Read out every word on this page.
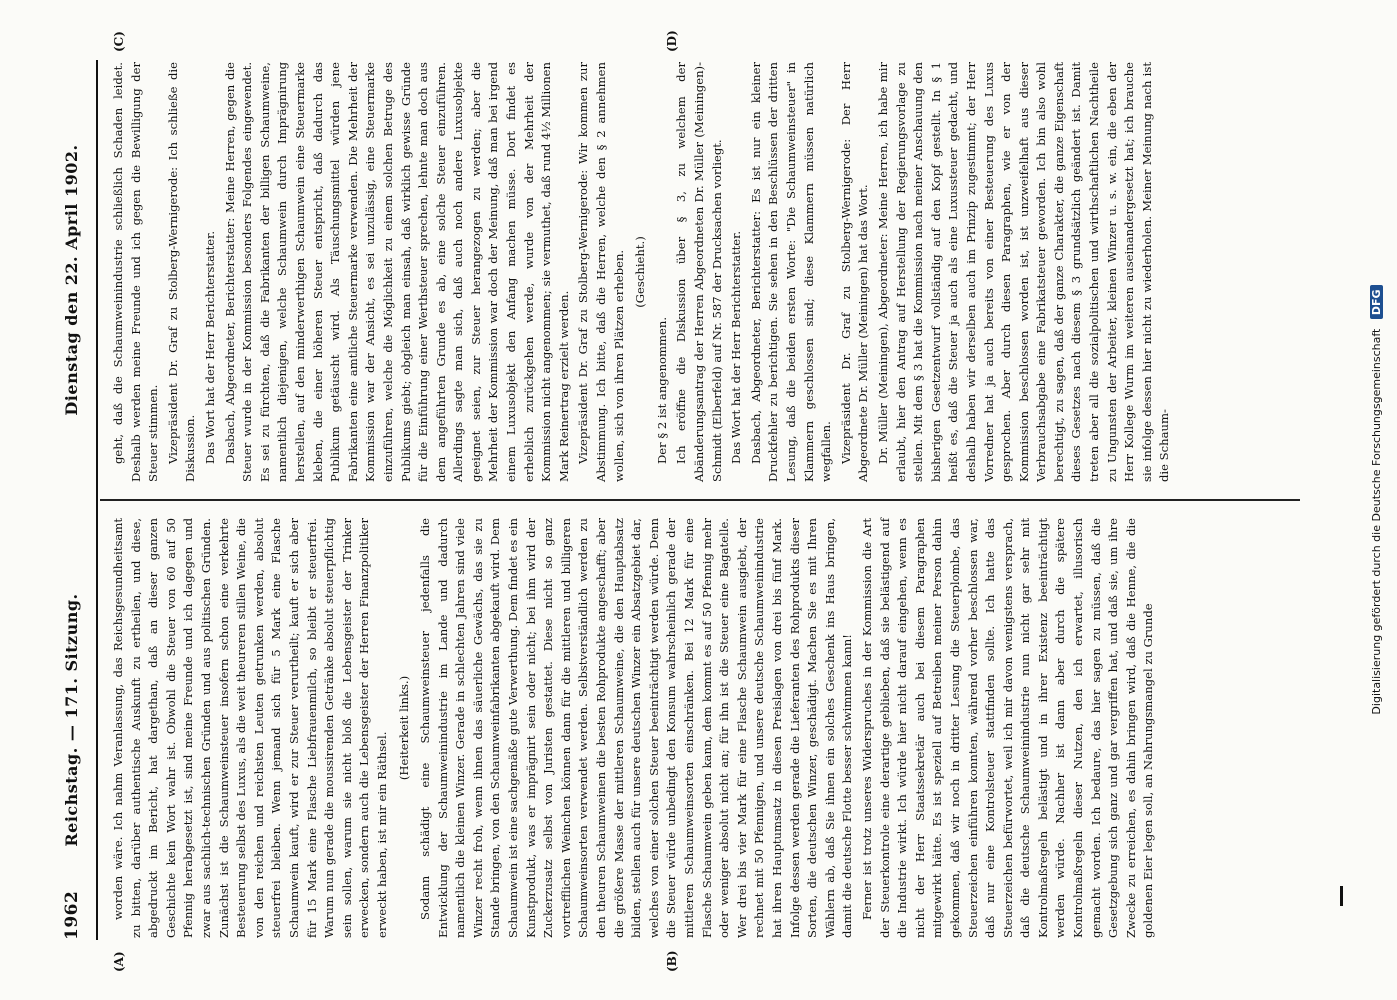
1962
Reichstag. — 171. Sitzung.
Dienstag den 22. April 1902.
(A)	(B)
(C)	(D)

worden wäre. Ich nahm Veranlassung, das Reichsgesundheitsamt zu bitten, darüber authentische Auskunft zu ertheilen, und diese, abgedruckt im Bericht, hat dargethan, daß an dieser ganzen Geschichte kein Wort wahr ist. Obwohl die Steuer von 60 auf 50 Pfennig herabgesetzt ist, sind meine Freunde und ich dagegen und zwar aus sachlich-technischen Gründen und aus politischen Gründen. Zunächst ist die Schaumweinsteuer insofern schon eine verkehrte Besteuerung selbst des Luxus, als die weit theureren stillen Weine, die von den reichen und reichsten Leuten getrunken werden, absolut steuerfrei bleiben. Wenn jemand sich für 5 Mark eine Flasche Schaumwein kauft, wird er zur Steuer verurtheilt; kauft er sich aber für 15 Mark eine Flasche Liebfrauenmilch, so bleibt er steuerfrei. Warum nun gerade die moussirenden Getränke absolut steuerpflichtig sein sollen, warum sie nicht bloß die Lebensgeister der Trinker erwecken, sondern auch die Lebensgeister der Herren Finanzpolitiker erweckt haben, ist mir ein Räthsel.

(Heiterkeit links.) Sodann schädigt eine Schaumweinsteuer jedenfalls die Entwicklung der Schaumweinindustrie im Lande und dadurch namentlich die kleinen Winzer. Gerade in schlechten Jahren sind viele Winzer recht froh, wenn ihnen das säuerliche Gewächs, das sie zu Stande bringen, von den Schaumweinfabrikanten abgekauft wird. Dem Schaumwein ist eine sachgemäße gute Verwerthung. Dem findet es ein Kunstprodukt, was er imprägnirt sein oder nicht; bei ihm wird der Zuckerzusatz selbst von Juristen gestattet. Diese nicht so ganz vortrefflichen Weinchen können dann für die mittleren und billigeren Schaumweinsorten verwendet werden. Selbstverständlich werden zu den theuren Schaumweinen die besten Rohprodukte angeschafft; aber die größere Masse der mittleren Schaumweine, die den Hauptabsatz bilden, stellen auch für unsere deutschen Winzer ein Absatzgebiet dar, welches von einer solchen Steuer beeinträchtigt werden würde. Denn die Steuer würde unbedingt den Konsum wahrscheinlich gerade der mittleren Schaumweinsorten einschränken. Bei 12 Mark für eine Flasche Schaumwein geben kann, dem kommt es auf 50 Pfennig mehr oder weniger absolut nicht an; für ihn ist die Steuer eine Bagatelle. Wer drei bis vier Mark für eine Flasche Schaumwein ausgiebt, der rechnet mit 50 Pfennigen, und unsere deutsche Schaumweinindustrie hat ihren Hauptumsatz in diesen Preislagen von drei bis fünf Mark. Infolge dessen werden gerade die Lieferanten des Rohprodukts dieser Sorten, die deutschen Winzer, geschädigt. Machen Sie es mit Ihren Wählern ab, daß Sie ihnen ein solches Geschenk ins Haus bringen, damit die deutsche Flotte besser schwimmen kann! Ferner ist trotz unseres Widerspruches in der Kommission die Art der Steuerkontrole eine derartige geblieben, daß sie belästigend auf die Industrie wirkt. Ich würde hier nicht darauf eingehen, wenn es nicht der Herr Staatssekretär auch bei diesem Paragraphen mitgewirkt hätte. Es ist speziell auf Betreiben meiner Person dahin gekommen, daß wir noch in dritter Lesung die Steuerplombe, das Steuerzeichen einführen konnten, während vorher beschlossen war, daß nur eine Kontrolsteuer stattfinden sollte. Ich hatte das Steuerzeichen befürwortet, weil ich mir davon wenigstens versprach, daß die deutsche Schaumweinindustrie nun nicht gar sehr mit Kontrolmaßregeln belästigt und in ihrer Existenz beeinträchtigt werden würde. Nachher ist dann aber durch die spätere Kontrolmaßregeln dieser Nutzen, den ich erwartet, illusorisch gemacht worden. Ich bedaure, das hier sagen zu müssen, daß die Gesetzgebung sich ganz und gar vergriffen hat, und daß sie, um ihre Zwecke zu erreichen, es dahin bringen wird, daß die Henne, die die goldenen Eier legen soll, an Nahrungsmangel zu Grunde

geht, daß die Schaumweinindustrie schließlich Schaden leidet. Deshalb werden meine Freunde und ich gegen die Bewilligung der Steuer stimmen. Vizepräsident Dr. Graf zu Stolberg-Wernigerode: Ich schließe die Diskussion. Das Wort hat der Herr Berichterstatter. Dasbach, Abgeordneter, Berichterstatter: Meine Herren, gegen die Steuer wurde in der Kommission besonders Folgendes eingewendet. Es sei zu fürchten, daß die Fabrikanten der billigen Schaumweine, namentlich diejenigen, welche Schaumwein durch Imprägnirung herstellen, auf den minderwerthigen Schaumwein eine Steuermarke kleben, die einer höheren Steuer entspricht, daß dadurch das Publikum getäuscht wird. Als Täuschungsmittel würden jene Fabrikanten eine amtliche Steuermarke verwenden. Die Mehrheit der Kommission war der Ansicht, es sei unzulässig, eine Steuermarke einzuführen, welche die Möglichkeit zu einem solchen Betruge des Publikums giebt; obgleich man einsah, daß wirklich gewisse Gründe für die Einführung einer Werthsteuer sprechen, lehnte man doch aus dem angeführten Grunde es ab, eine solche Steuer einzuführen. Allerdings sagte man sich, daß auch noch andere Luxusobjekte geeignet seien, zur Steuer herangezogen zu werden; aber die Mehrheit der Kommission war doch der Meinung, daß man bei irgend einem Luxusobjekt den Anfang machen müsse. Dort findet es erheblich zurückgehen werde, wurde von der Mehrheit der Kommission nicht angenommen; sie vermuthet, daß rund 4½ Millionen Mark Reinertrag erzielt werden. Vizepräsident Dr. Graf zu Stolberg-Wernigerode: Wir kommen zur Abstimmung. Ich bitte, daß die Herren, welche den § 2 annehmen wollen, sich von ihren Plätzen erheben. (Geschieht.)

Der § 2 ist angenommen. Ich eröffne die Diskussion über § 3, zu welchem der Abänderungsantrag der Herren Abgeordneten Dr. Müller (Meiningen)-Schmidt (Elberfeld) auf Nr. 587 der Drucksachen vorliegt. Das Wort hat der Herr Berichterstatter. Dasbach, Abgeordneter, Berichterstatter: Es ist nur ein kleiner Druckfehler zu berichtigen. Sie sehen in den Beschlüssen der dritten Lesung, daß die beiden ersten Worte: "Die Schaumweinsteuer" in Klammern geschlossen sind; diese Klammern müssen natürlich wegfallen. Vizepräsident Dr. Graf zu Stolberg-Wernigerode: Der Herr Abgeordnete Dr. Müller (Meiningen) hat das Wort. Dr. Müller (Meiningen), Abgeordneter: Meine Herren, ich habe mir erlaubt, hier den Antrag auf Herstellung der Regierungsvorlage zu stellen. Mit dem § 3 hat die Kommission nach meiner Anschauung den bisherigen Gesetzentwurf vollständig auf den Kopf gestellt. In § 1 heißt es, daß die Steuer ja auch als eine Luxussteuer gedacht, und deshalb haben wir derselben auch im Prinzip zugestimmt; der Herr Vorredner hat ja auch bereits von einer Besteuerung des Luxus gesprochen. Aber durch diesen Paragraphen, wie er von der Kommission beschlossen worden ist, ist unzweifelhaft aus dieser Verbrauchsabgabe eine Fabrikatsteuer geworden. Ich bin also wohl berechtigt, zu sagen, daß der ganze Charakter, die ganze Eigenschaft dieses Gesetzes nach diesem § 3 grundsätzlich geändert ist. Damit treten aber all die sozialpolitischen und wirthschaftlichen Nachtheile zu Ungunsten der Arbeiter, kleinen Winzer u. s. w. ein, die eben der Herr Kollege Wurm im weiteren auseinandergesetzt hat; ich brauche sie infolge dessen hier nicht zu wiederholen. Meiner Meinung nach ist die Schaum-	Digitalisierung gefördert durch die Deutsche Forschungsgemeinschaft DFG
